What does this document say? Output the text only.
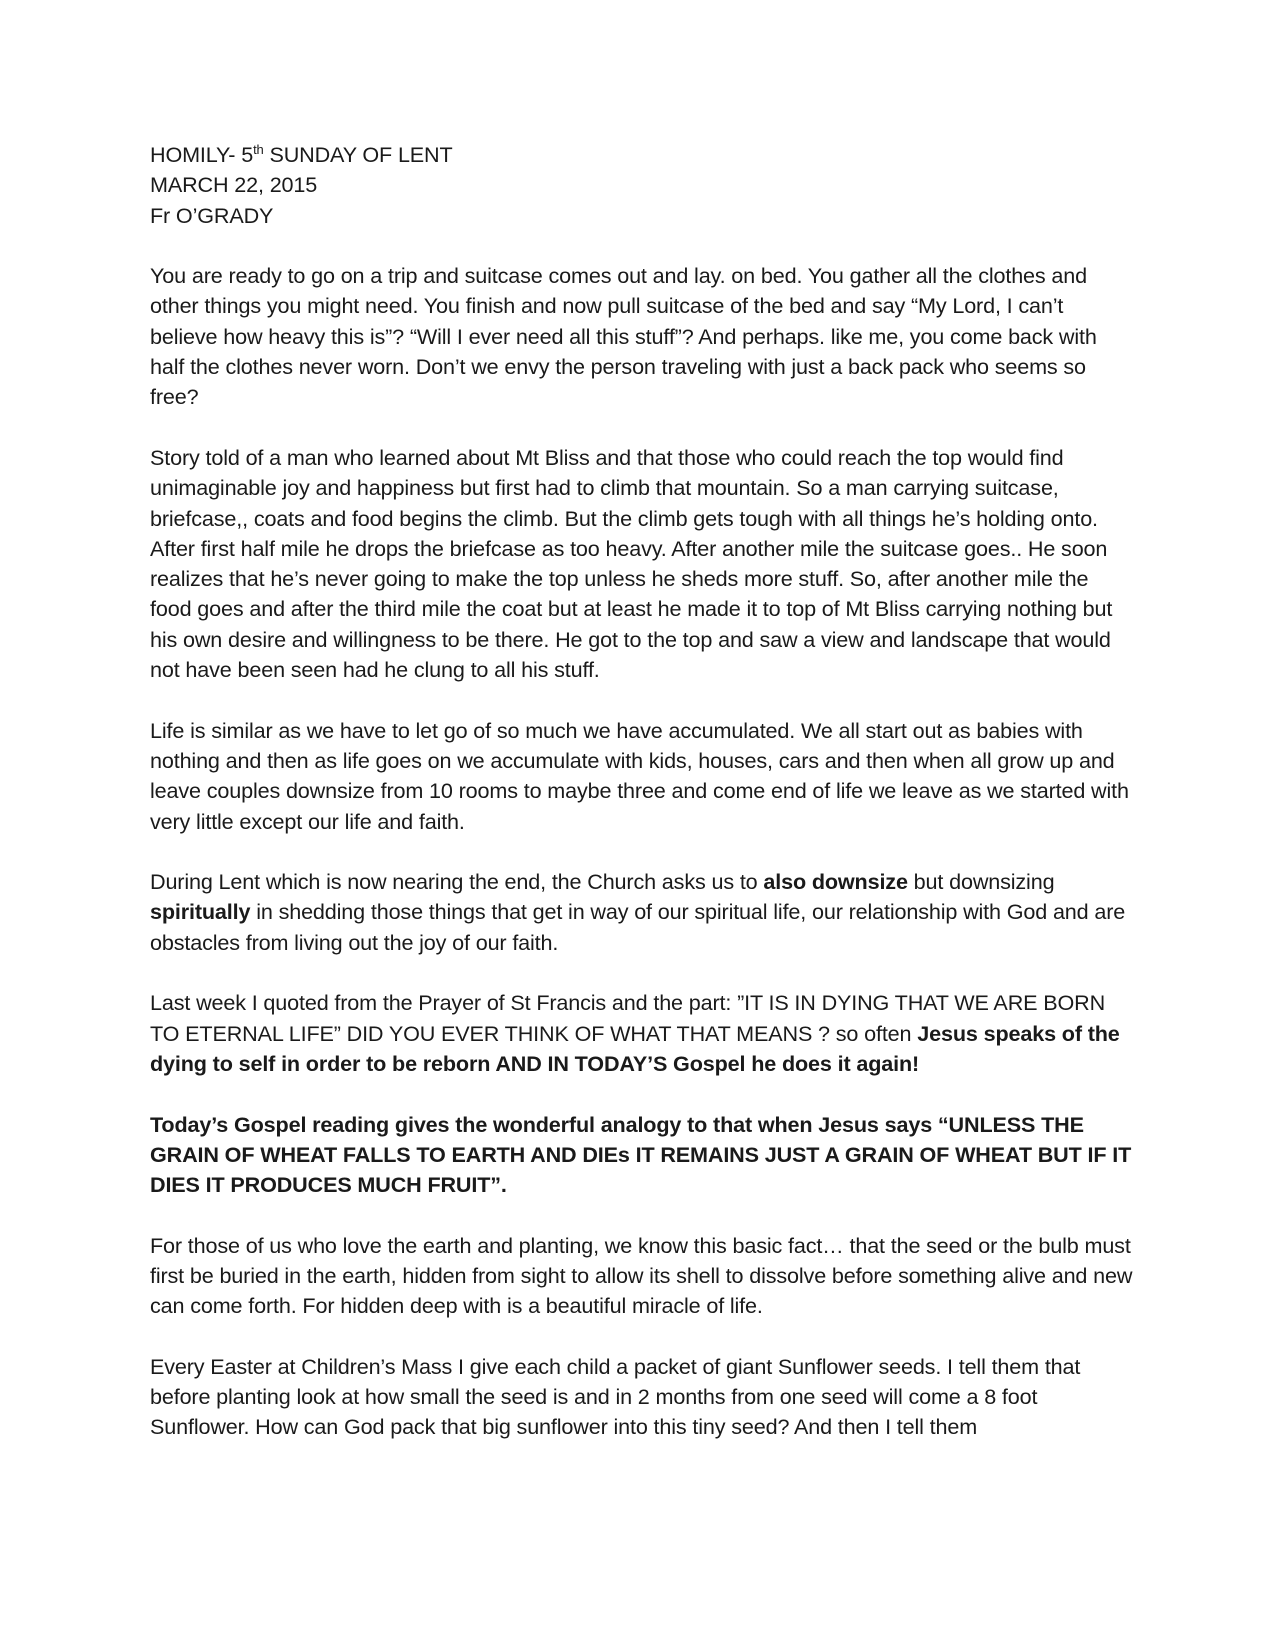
HOMILY- 5th SUNDAY OF LENT
MARCH 22, 2015
Fr O’GRADY

You are ready to go on a trip and suitcase comes out and lay. on bed. You gather all the clothes and other things you might need. You finish and now pull suitcase of the bed and say “My Lord, I can’t believe how heavy this is”? “Will I ever need all this stuff”? And perhaps. like me, you come back with half the clothes never worn. Don’t we envy the person traveling with just a back pack who seems so free?

Story told of a man who learned about Mt Bliss and that those who could reach the top would find unimaginable joy and happiness but first had to climb that mountain. So a man carrying suitcase, briefcase,, coats and food begins the climb. But the climb gets tough with all things he’s holding onto. After first half mile he drops the briefcase as too heavy. After another mile the suitcase goes.. He soon realizes that he’s never going to make the top unless he sheds more stuff. So, after another mile the food goes and after the third mile the coat but at least he made it to top of Mt Bliss carrying nothing but his own desire and willingness to be there. He got to the top and saw a view and landscape that would not have been seen had he clung to all his stuff.

Life is similar as we have to let go of so much we have accumulated. We all start out as babies with nothing and then as life goes on we accumulate with kids, houses, cars and then when all grow up and leave couples downsize from 10 rooms to maybe three and come end of life we leave as we started with very little except our life and faith.

During Lent which is now nearing the end, the Church asks us to also downsize but downsizing spiritually in shedding those things that get in way of our spiritual life, our relationship with God and are obstacles from living out the joy of our faith.

Last week I quoted from the Prayer of St Francis and the part: ”IT IS IN DYING THAT WE ARE BORN TO ETERNAL LIFE” DID YOU EVER THINK OF WHAT THAT MEANS ? so often Jesus speaks of the dying to self in order to be reborn AND IN TODAY’S Gospel he does it again!

Today’s Gospel reading gives the wonderful analogy to that when Jesus says “UNLESS THE GRAIN OF WHEAT FALLS TO EARTH AND DIEs IT REMAINS JUST A GRAIN OF WHEAT BUT IF IT DIES IT PRODUCES MUCH FRUIT”.

For those of us who love the earth and planting, we know this basic fact… that the seed or the bulb must first be buried in the earth, hidden from sight to allow its shell to dissolve before something alive and new can come forth. For hidden deep with is a beautiful miracle of life.

Every Easter at Children’s Mass I give each child a packet of giant Sunflower seeds. I tell them that before planting look at how small the seed is and in 2 months from one seed will come a 8 foot Sunflower. How can God pack that big sunflower into this tiny seed? And then I tell them
